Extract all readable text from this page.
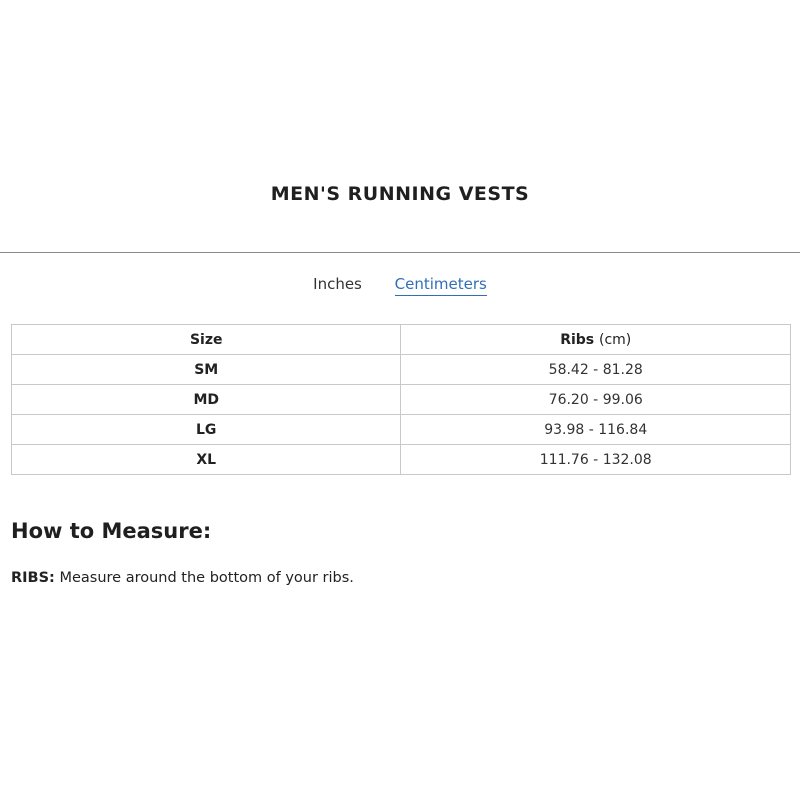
MEN'S RUNNING VESTS
Inches Centimeters
Size	Ribs (cm)
SM	58.42 - 81.28
MD	76.20 - 99.06
LG	93.98 - 116.84
XL	111.76 - 132.08
How to Measure:
RIBS: Measure around the bottom of your ribs.
